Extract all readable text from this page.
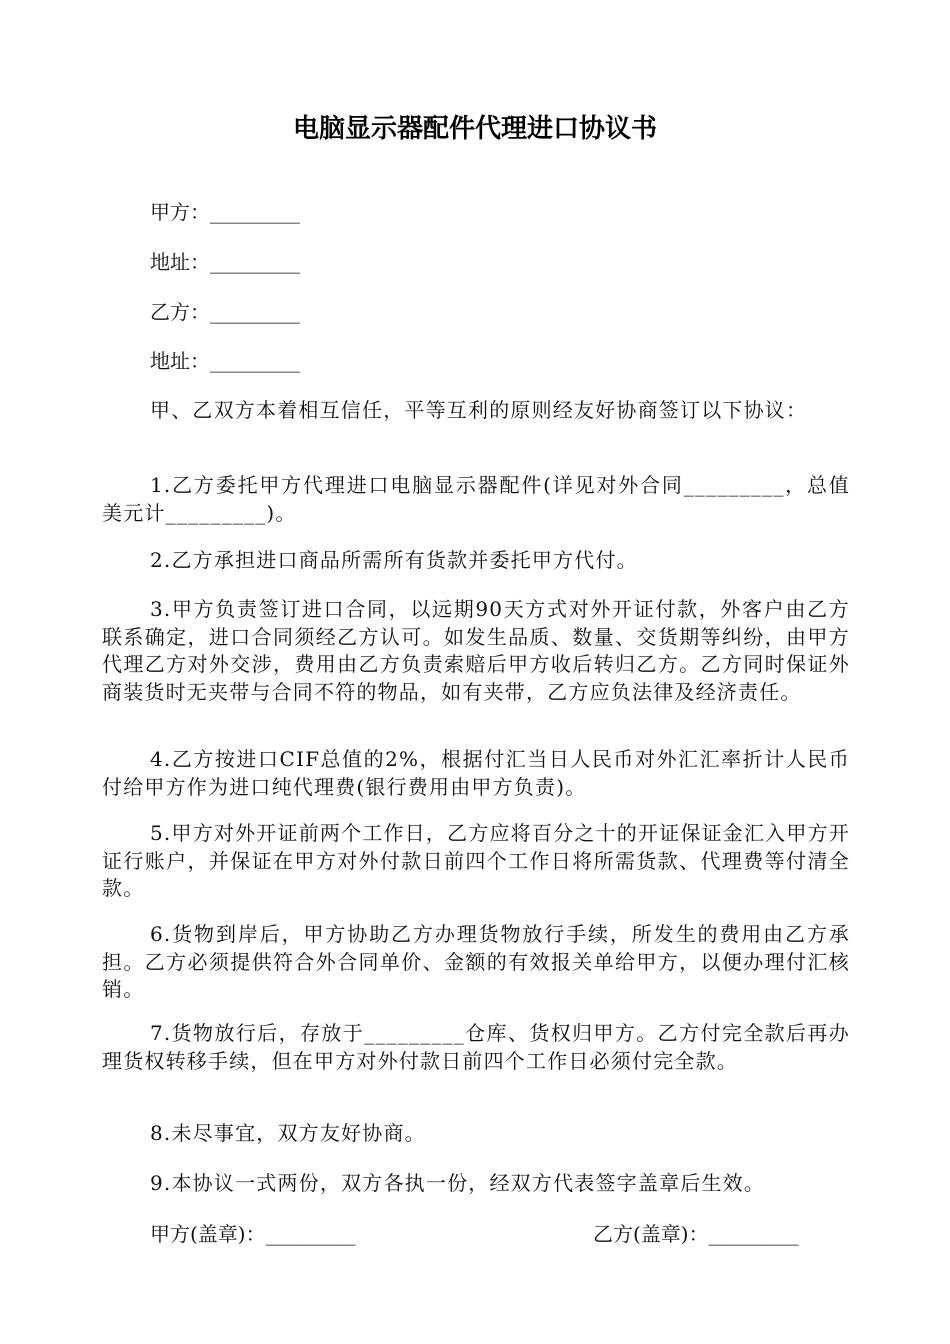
电脑显示器配件代理进口协议书
甲方：_________
地址：_________
乙方：_________
地址：_________
甲、乙双方本着相互信任，平等互利的原则经友好协商签订以下协议：
1.乙方委托甲方代理进口电脑显示器配件(详见对外合同_________，总值美元计_________)。
2.乙方承担进口商品所需所有货款并委托甲方代付。
3.甲方负责签订进口合同，以远期90天方式对外开证付款，外客户由乙方联系确定，进口合同须经乙方认可。如发生品质、数量、交货期等纠纷，由甲方代理乙方对外交涉，费用由乙方负责索赔后甲方收后转归乙方。乙方同时保证外商装货时无夹带与合同不符的物品，如有夹带，乙方应负法律及经济责任。
4.乙方按进口CIF总值的2%，根据付汇当日人民币对外汇汇率折计人民币付给甲方作为进口纯代理费(银行费用由甲方负责)。
5.甲方对外开证前两个工作日，乙方应将百分之十的开证保证金汇入甲方开证行账户，并保证在甲方对外付款日前四个工作日将所需货款、代理费等付清全款。
6.货物到岸后，甲方协助乙方办理货物放行手续，所发生的费用由乙方承担。乙方必须提供符合外合同单价、金额的有效报关单给甲方，以便办理付汇核销。
7.货物放行后，存放于_________仓库、货权归甲方。乙方付完全款后再办理货权转移手续，但在甲方对外付款日前四个工作日必须付完全款。
8.未尽事宜，双方友好协商。
9.本协议一式两份，双方各执一份，经双方代表签字盖章后生效。
甲方(盖章)：_________	乙方(盖章)：_________
